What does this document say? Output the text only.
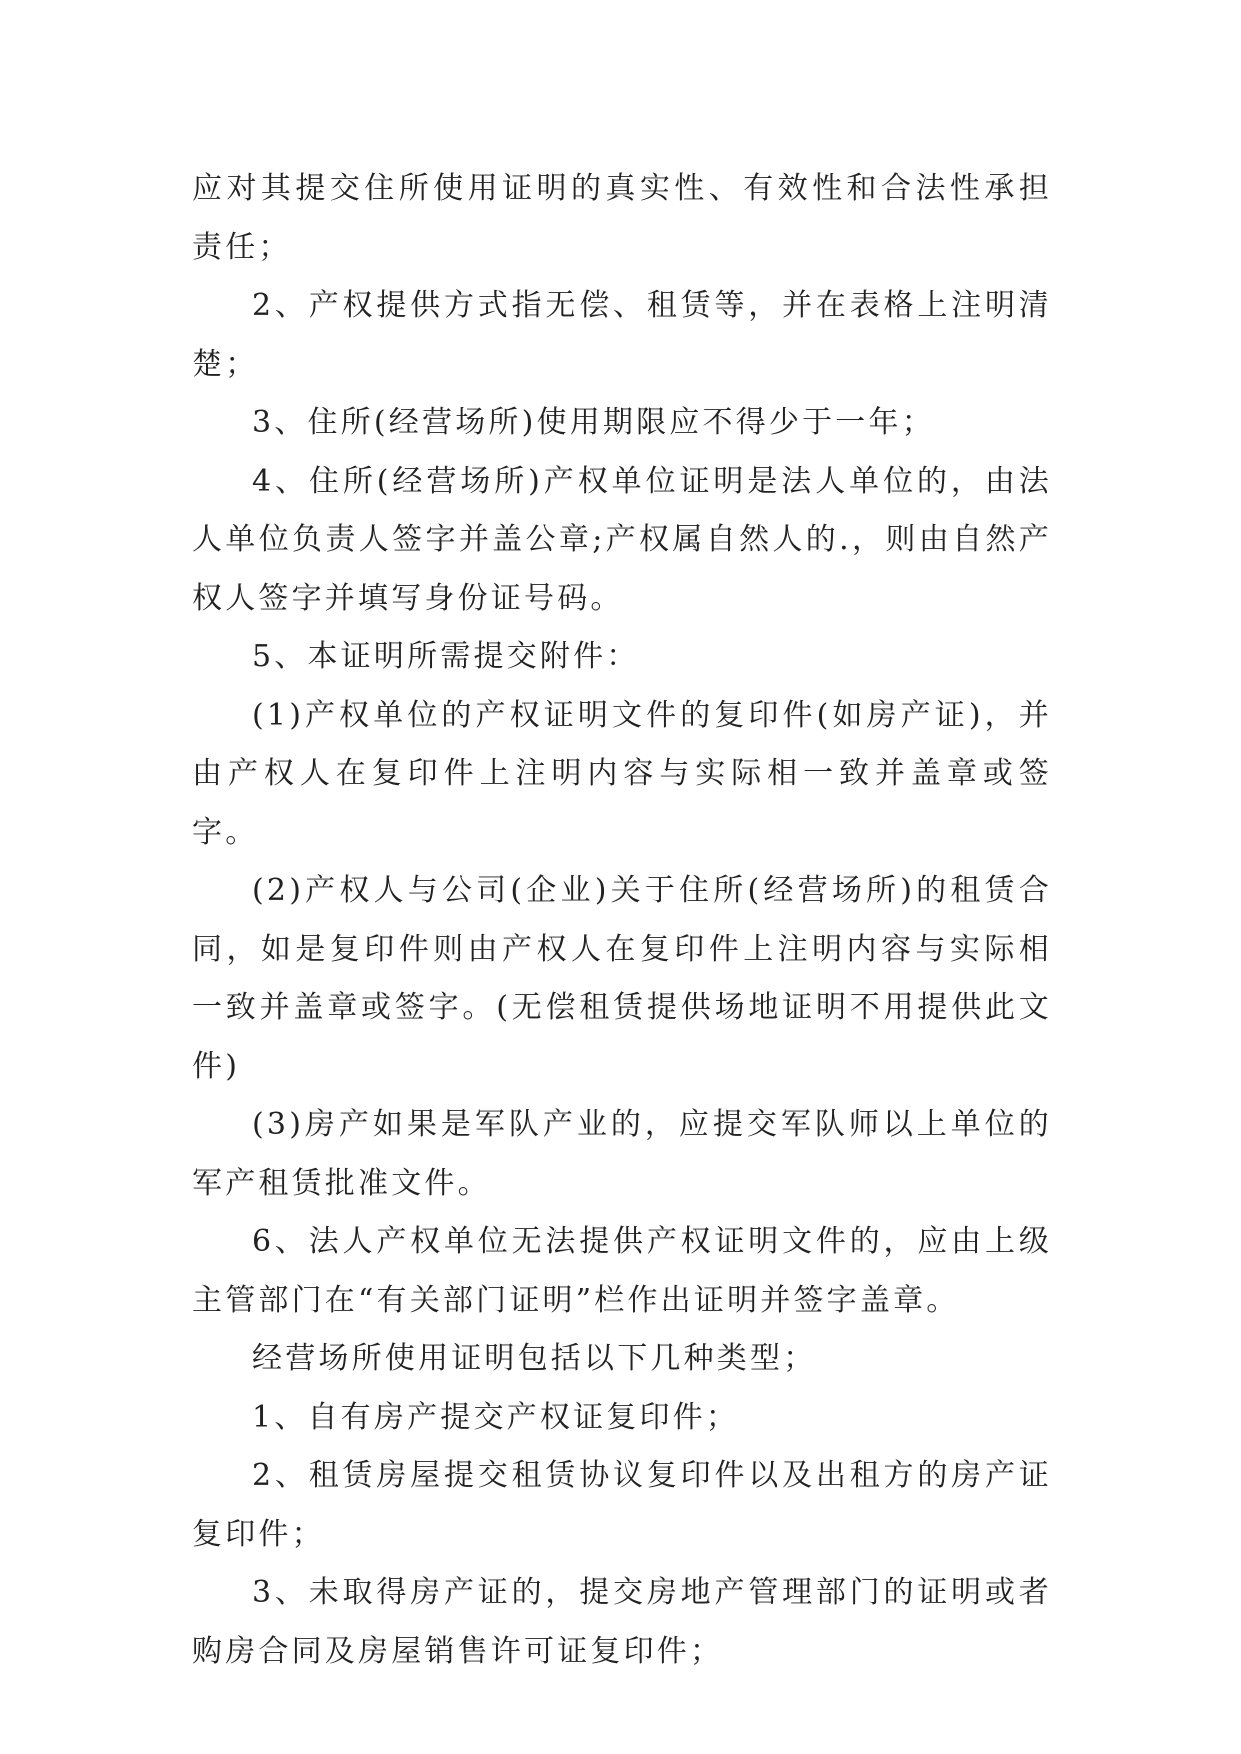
应对其提交住所使用证明的真实性、有效性和合法性承担责任；

2、产权提供方式指无偿、租赁等，并在表格上注明清楚；

3、住所(经营场所)使用期限应不得少于一年；

4、住所(经营场所)产权单位证明是法人单位的，由法人单位负责人签字并盖公章;产权属自然人的.，则由自然产权人签字并填写身份证号码。

5、本证明所需提交附件：

(1)产权单位的产权证明文件的复印件(如房产证)，并由产权人在复印件上注明内容与实际相一致并盖章或签字。

(2)产权人与公司(企业)关于住所(经营场所)的租赁合同，如是复印件则由产权人在复印件上注明内容与实际相一致并盖章或签字。(无偿租赁提供场地证明不用提供此文件)

(3)房产如果是军队产业的，应提交军队师以上单位的军产租赁批准文件。

6、法人产权单位无法提供产权证明文件的，应由上级主管部门在“有关部门证明”栏作出证明并签字盖章。

经营场所使用证明包括以下几种类型；

1、自有房产提交产权证复印件；

2、租赁房屋提交租赁协议复印件以及出租方的房产证复印件；

3、未取得房产证的，提交房地产管理部门的证明或者购房合同及房屋销售许可证复印件；
